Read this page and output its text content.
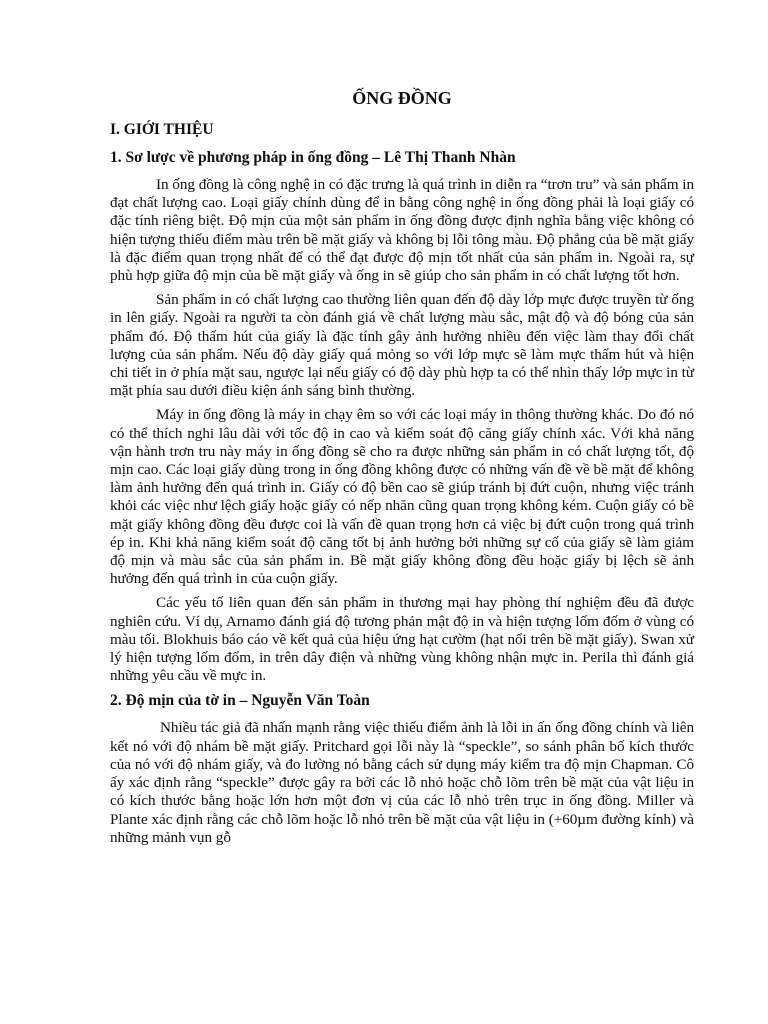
ỐNG ĐỒNG
I. GIỚI THIỆU
1. Sơ lược về phương pháp in ống đồng – Lê Thị Thanh Nhàn

In ống đồng là công nghệ in có đặc trưng là quá trình in diễn ra “trơn tru” và sản phẩm in đạt chất lượng cao. Loại giấy chính dùng để in bằng công nghệ in ống đồng phải là loại giấy có đặc tính riêng biệt. Độ mịn của một sản phẩm in ống đồng được định nghĩa bằng việc không có hiện tượng thiếu điểm màu trên bề mặt giấy và không bị lỗi tông màu. Độ phẳng của bề mặt giấy là đặc điểm quan trọng nhất để có thể đạt được độ mịn tốt nhất của sản phẩm in. Ngoài ra, sự phù hợp giữa độ mịn của bề mặt giấy và ống in sẽ giúp cho sản phẩm in có chất lượng tốt hơn.

Sản phẩm in có chất lượng cao thường liên quan đến độ dày lớp mực được truyền từ ống in lên giấy. Ngoài ra người ta còn đánh giá về chất lượng màu sắc, mật độ và độ bóng của sản phẩm đó. Độ thấm hút của giấy là đặc tính gây ảnh hưởng nhiều đến việc làm thay đổi chất lượng của sản phẩm. Nếu độ dày giấy quá mỏng so với lớp mực sẽ làm mực thấm hút và hiện chi tiết in ở phía mặt sau, ngược lại nếu giấy có độ dày phù hợp ta có thể nhìn thấy lớp mực in từ mặt phía sau dưới điều kiện ánh sáng bình thường.

Máy in ống đồng là máy in chạy êm so với các loại máy in thông thường khác. Do đó nó có thể thích nghi lâu dài với tốc độ in cao và kiểm soát độ căng giấy chính xác. Với khả năng vận hành trơn tru này máy in ống đồng sẽ cho ra được những sản phẩm in có chất lượng tốt, độ mịn cao. Các loại giấy dùng trong in ống đồng không được có những vấn đề về bề mặt để không làm ảnh hưởng đến quá trình in. Giấy có độ bền cao sẽ giúp tránh bị đứt cuộn, nhưng việc tránh khỏi các việc như lệch giấy hoặc giấy có nếp nhăn cũng quan trọng không kém. Cuộn giấy có bề mặt giấy không đồng đều được coi là vấn đề quan trọng hơn cả việc bị đứt cuộn trong quá trình ép in. Khi khả năng kiểm soát độ căng tốt bị ảnh hưởng bởi những sự cố của giấy sẽ làm giảm độ mịn và màu sắc của sản phẩm in. Bề mặt giấy không đồng đều hoặc giấy bị lệch sẽ ảnh hưởng đến quá trình in của cuộn giấy.

Các yếu tố liên quan đến sản phẩm in thương mại hay phòng thí nghiệm đều đã được nghiên cứu. Ví dụ, Arnamo đánh giá độ tương phản mật độ in và hiện tượng lốm đốm ở vùng có màu tối. Blokhuis báo cáo về kết quả của hiệu ứng hạt cườm (hạt nổi trên bề mặt giấy). Swan xử lý hiện tượng lốm đốm, in trên dây điện và những vùng không nhận mực in. Perila thì đánh giá những yêu cầu về mực in.

2. Độ mịn của tờ in – Nguyễn Văn Toàn

Nhiều tác giả đã nhấn mạnh rằng việc thiếu điểm ảnh là lỗi in ấn ống đồng chính và liên kết nó với độ nhám bề mặt giấy. Pritchard gọi lỗi này là “speckle”, so sánh phân bố kích thước của nó với độ nhám giấy, và đo lường nó bằng cách sử dụng máy kiểm tra độ mịn Chapman. Cô ấy xác định rằng “speckle” được gây ra bởi các lỗ nhỏ hoặc chỗ lõm trên bề mặt của vật liệu in có kích thước bằng hoặc lớn hơn một đơn vị của các lỗ nhỏ trên trục in ống đồng. Miller và Plante xác định rằng các chỗ lõm hoặc lỗ nhỏ trên bề mặt của vật liệu in (+60µm đường kính) và những mảnh vụn gỗ
